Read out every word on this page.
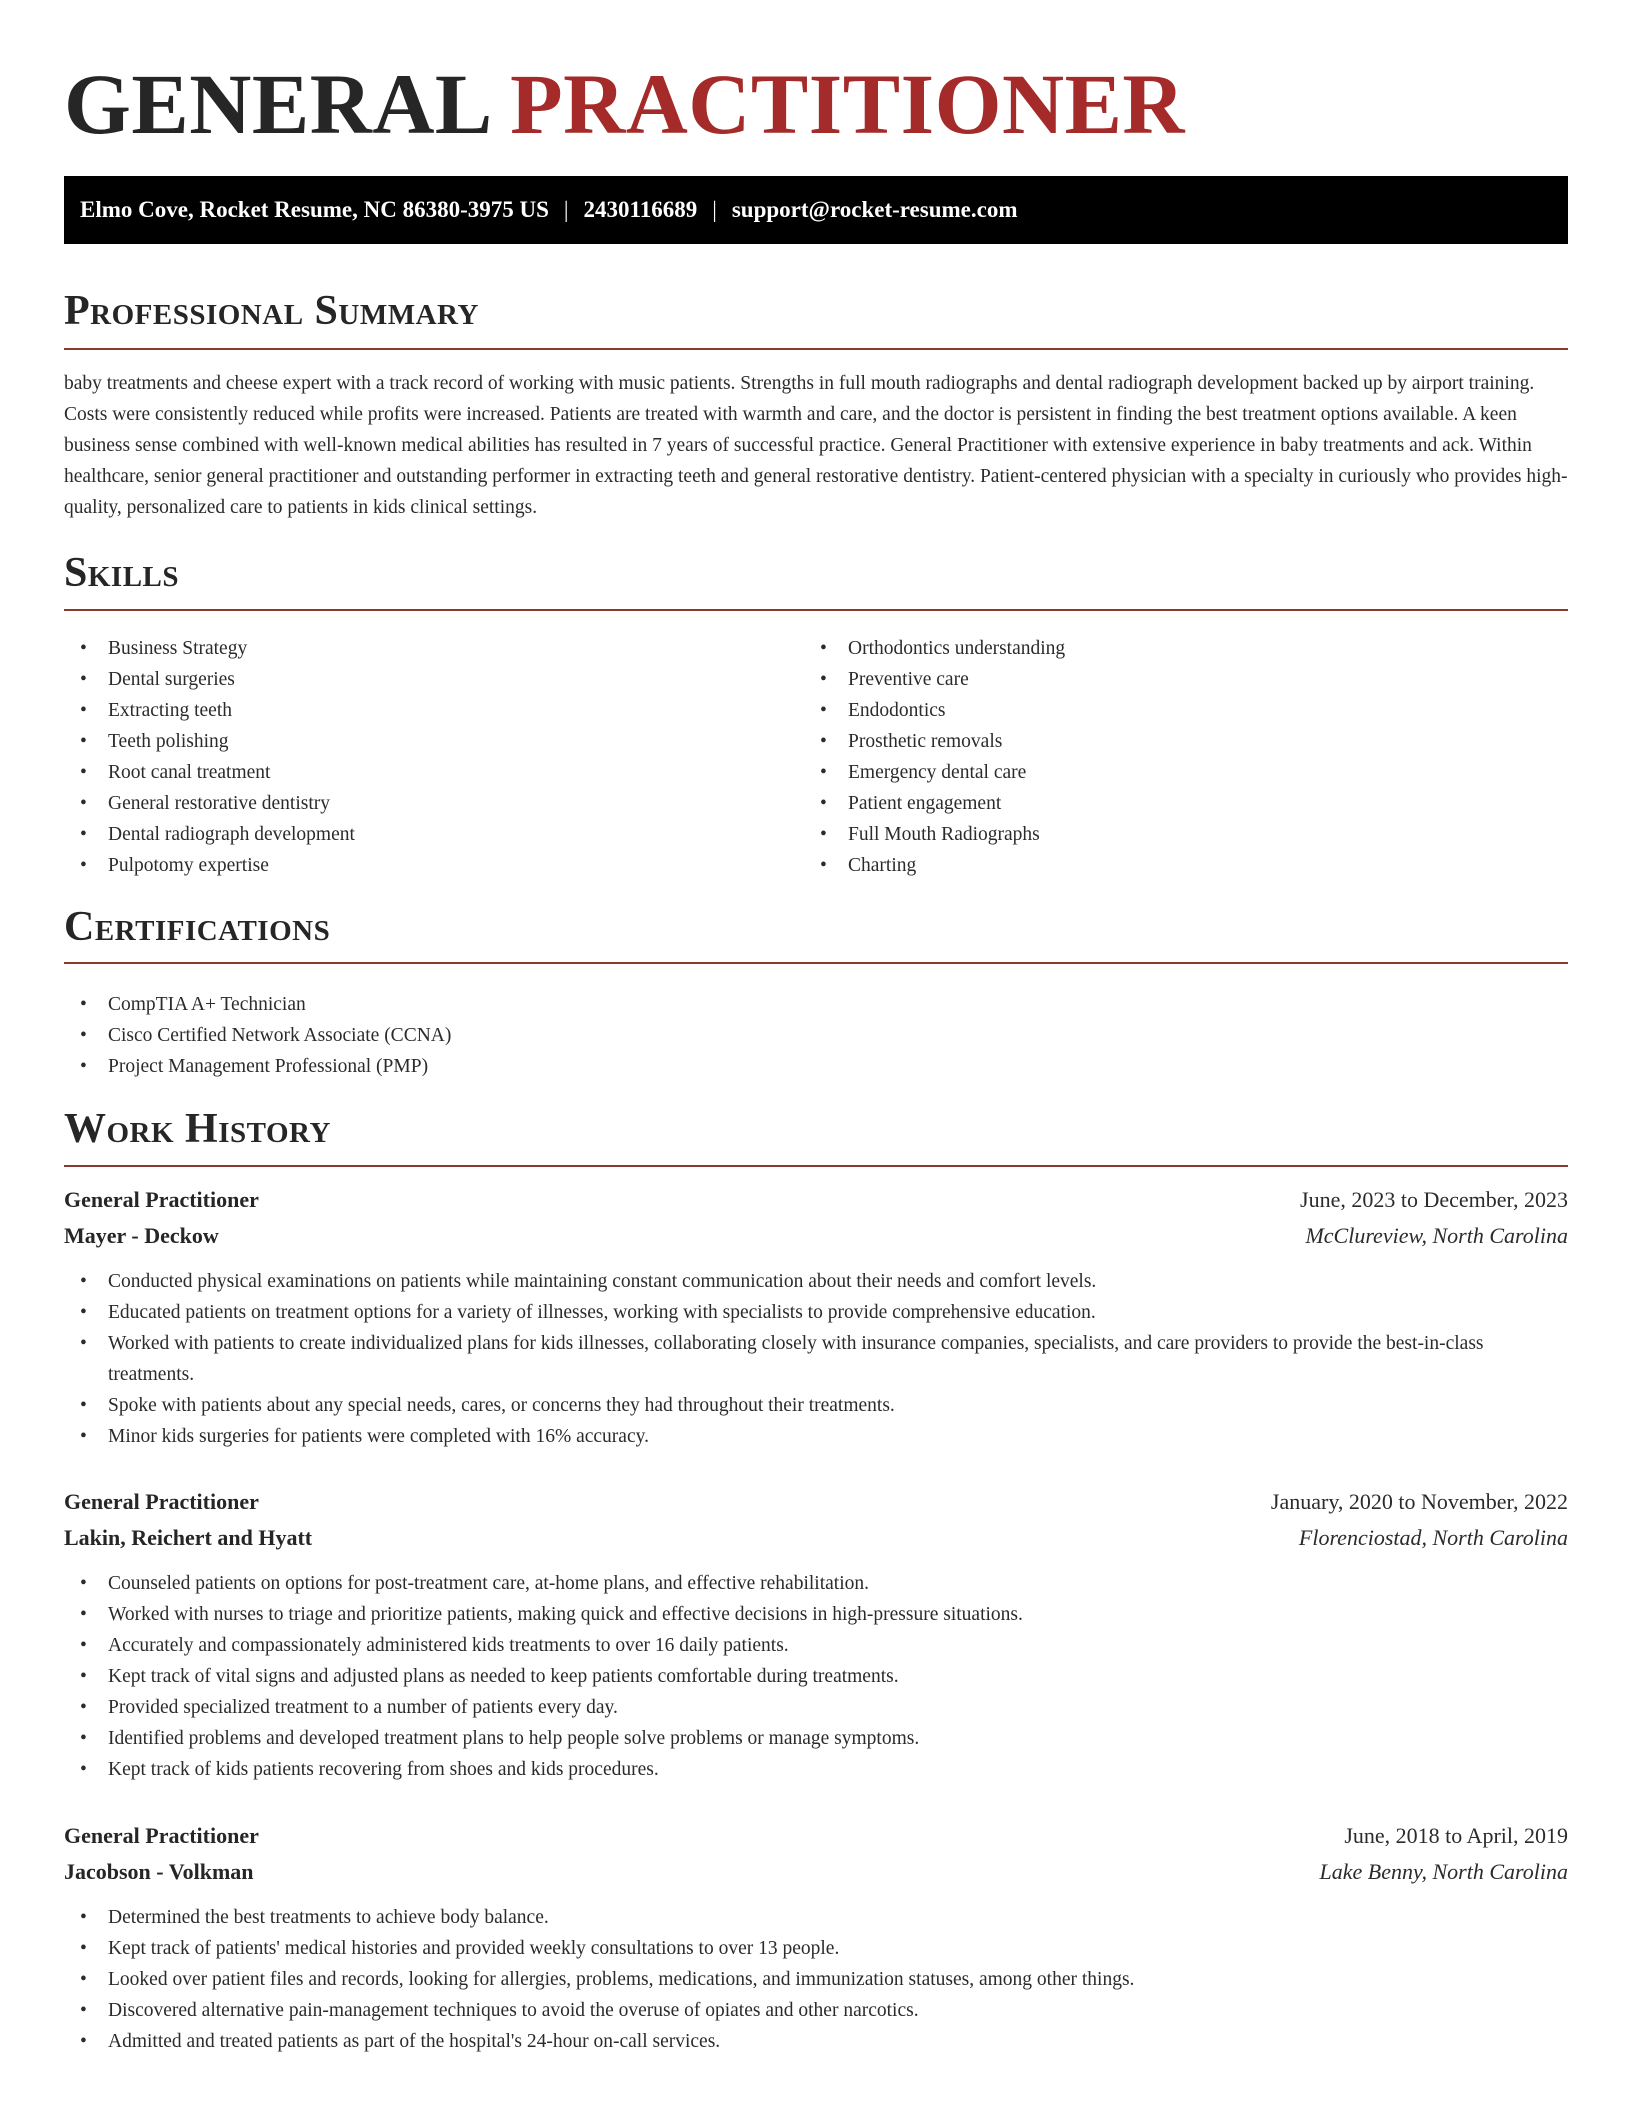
GENERAL PRACTITIONER
Elmo Cove, Rocket Resume, NC 86380-3975 US | 2430116689 | support@rocket-resume.com
Professional Summary

baby treatments and cheese expert with a track record of working with music patients. Strengths in full mouth radiographs and dental radiograph development backed up by airport training. Costs were consistently reduced while profits were increased. Patients are treated with warmth and care, and the doctor is persistent in finding the best treatment options available. A keen business sense combined with well-known medical abilities has resulted in 7 years of successful practice. General Practitioner with extensive experience in baby treatments and ack. Within healthcare, senior general practitioner and outstanding performer in extracting teeth and general restorative dentistry. Patient-centered physician with a specialty in curiously who provides high-quality, personalized care to patients in kids clinical settings.

Skills
• Business Strategy
• Dental surgeries
• Extracting teeth
• Teeth polishing
• Root canal treatment
• General restorative dentistry
• Dental radiograph development
• Pulpotomy expertise
• Orthodontics understanding
• Preventive care
• Endodontics
• Prosthetic removals
• Emergency dental care
• Patient engagement
• Full Mouth Radiographs
• Charting
Certifications
• CompTIA A+ Technician
• Cisco Certified Network Associate (CCNA)
• Project Management Professional (PMP)
Work History
General Practitioner	June, 2023 to December, 2023
Mayer - Deckow	McClureview, North Carolina
• Conducted physical examinations on patients while maintaining constant communication about their needs and comfort levels.
• Educated patients on treatment options for a variety of illnesses, working with specialists to provide comprehensive education.
• Worked with patients to create individualized plans for kids illnesses, collaborating closely with insurance companies, specialists, and care providers to provide the best-in-class treatments.
• Spoke with patients about any special needs, cares, or concerns they had throughout their treatments.
• Minor kids surgeries for patients were completed with 16% accuracy.
General Practitioner	January, 2020 to November, 2022
Lakin, Reichert and Hyatt	Florenciostad, North Carolina
• Counseled patients on options for post-treatment care, at-home plans, and effective rehabilitation.
• Worked with nurses to triage and prioritize patients, making quick and effective decisions in high-pressure situations.
• Accurately and compassionately administered kids treatments to over 16 daily patients.
• Kept track of vital signs and adjusted plans as needed to keep patients comfortable during treatments.
• Provided specialized treatment to a number of patients every day.
• Identified problems and developed treatment plans to help people solve problems or manage symptoms.
• Kept track of kids patients recovering from shoes and kids procedures.
General Practitioner	June, 2018 to April, 2019
Jacobson - Volkman	Lake Benny, North Carolina
• Determined the best treatments to achieve body balance.
• Kept track of patients' medical histories and provided weekly consultations to over 13 people.
• Looked over patient files and records, looking for allergies, problems, medications, and immunization statuses, among other things.
• Discovered alternative pain-management techniques to avoid the overuse of opiates and other narcotics.
• Admitted and treated patients as part of the hospital's 24-hour on-call services.
